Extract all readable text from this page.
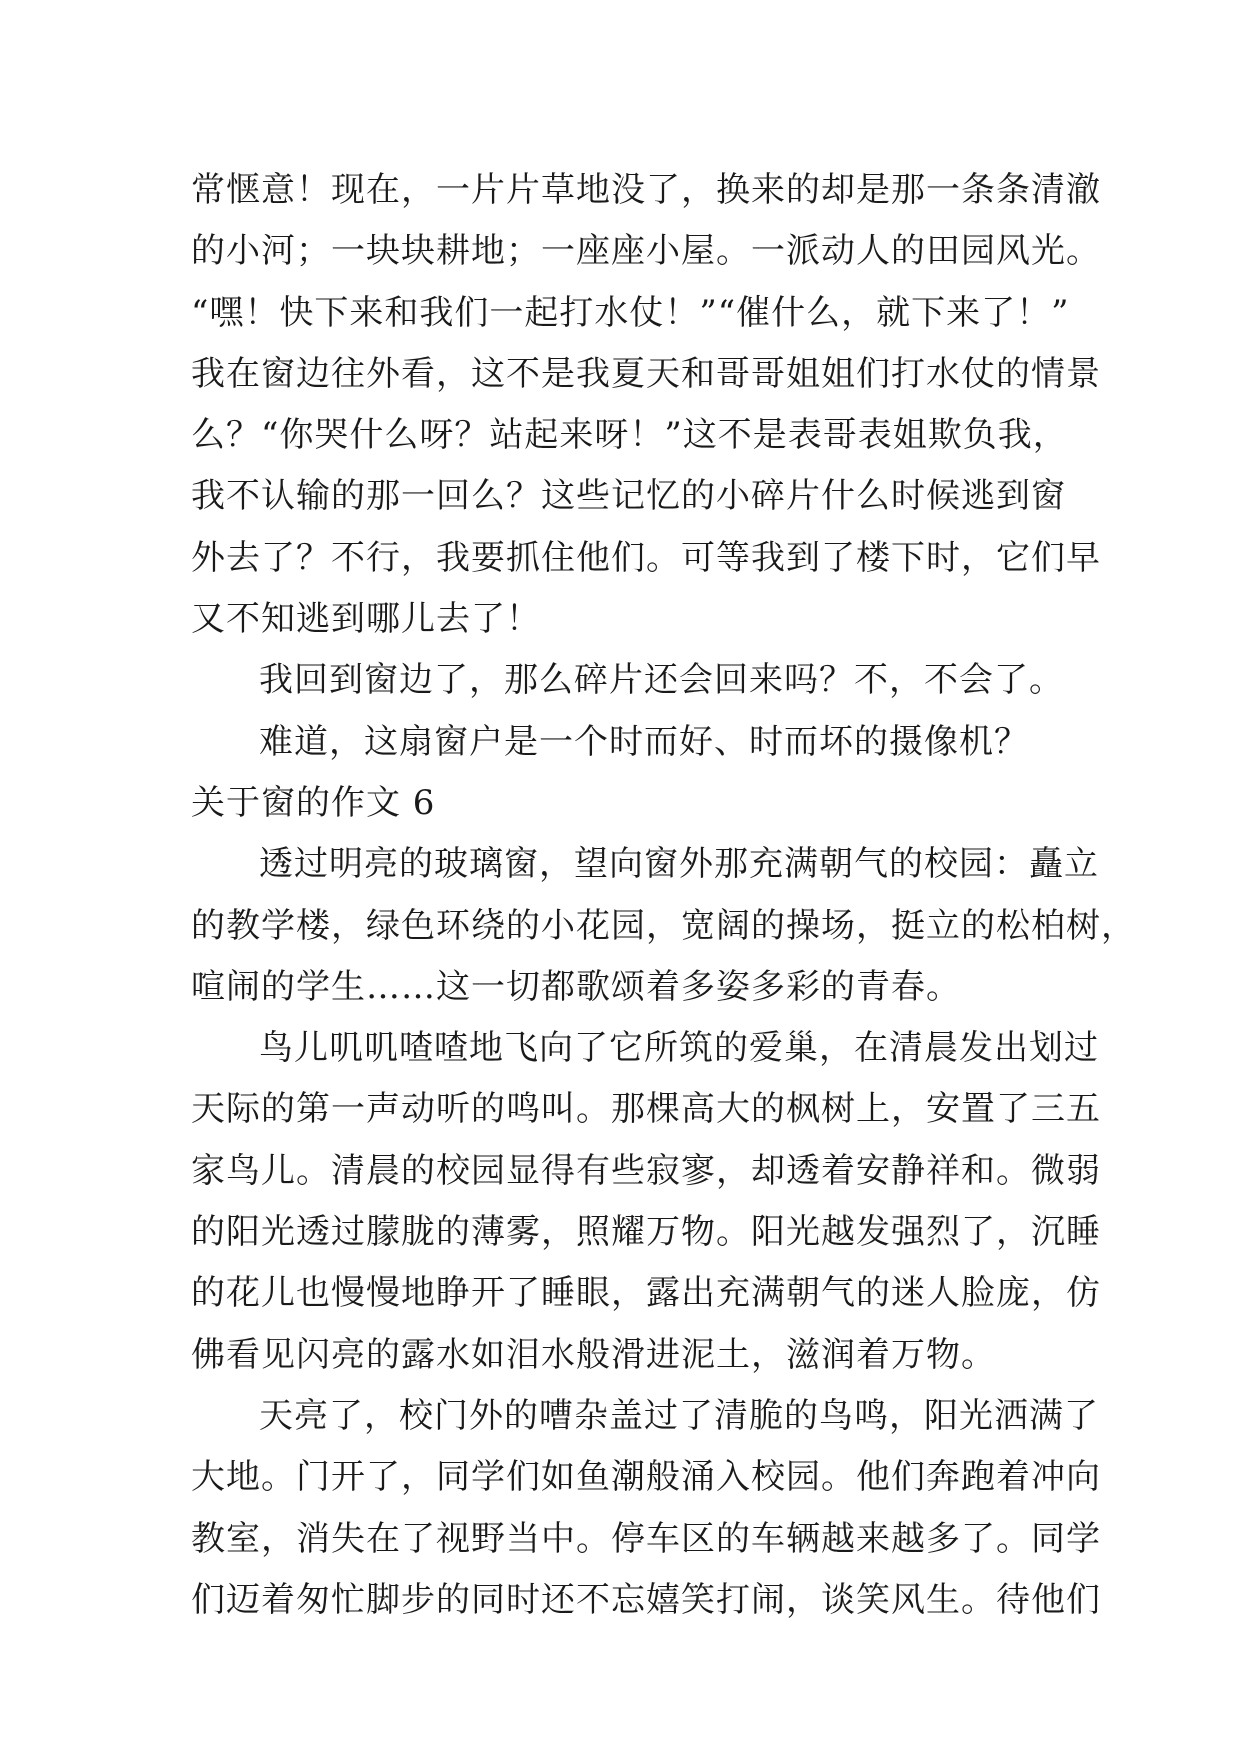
常惬意！现在，一片片草地没了，换来的却是那一条条清澈
的小河；一块块耕地；一座座小屋。一派动人的田园风光。
“嘿！快下来和我们一起打水仗！”“催什么，就下来了！”
我在窗边往外看，这不是我夏天和哥哥姐姐们打水仗的情景
么？“你哭什么呀？站起来呀！”这不是表哥表姐欺负我，
我不认输的那一回么？这些记忆的小碎片什么时候逃到窗
外去了？不行，我要抓住他们。可等我到了楼下时，它们早
又不知逃到哪儿去了！
我回到窗边了，那么碎片还会回来吗？不，不会了。
难道，这扇窗户是一个时而好、时而坏的摄像机？
关于窗的作文 6
透过明亮的玻璃窗，望向窗外那充满朝气的校园：矗立
的教学楼，绿色环绕的小花园，宽阔的操场，挺立的松柏树，
喧闹的学生……这一切都歌颂着多姿多彩的青春。
鸟儿叽叽喳喳地飞向了它所筑的爱巢，在清晨发出划过
天际的第一声动听的鸣叫。那棵高大的枫树上，安置了三五
家鸟儿。清晨的校园显得有些寂寥，却透着安静祥和。微弱
的阳光透过朦胧的薄雾，照耀万物。阳光越发强烈了，沉睡
的花儿也慢慢地睁开了睡眼，露出充满朝气的迷人脸庞，仿
佛看见闪亮的露水如泪水般滑进泥土，滋润着万物。
天亮了，校门外的嘈杂盖过了清脆的鸟鸣，阳光洒满了
大地。门开了，同学们如鱼潮般涌入校园。他们奔跑着冲向
教室，消失在了视野当中。停车区的车辆越来越多了。同学
们迈着匆忙脚步的同时还不忘嬉笑打闹，谈笑风生。待他们
